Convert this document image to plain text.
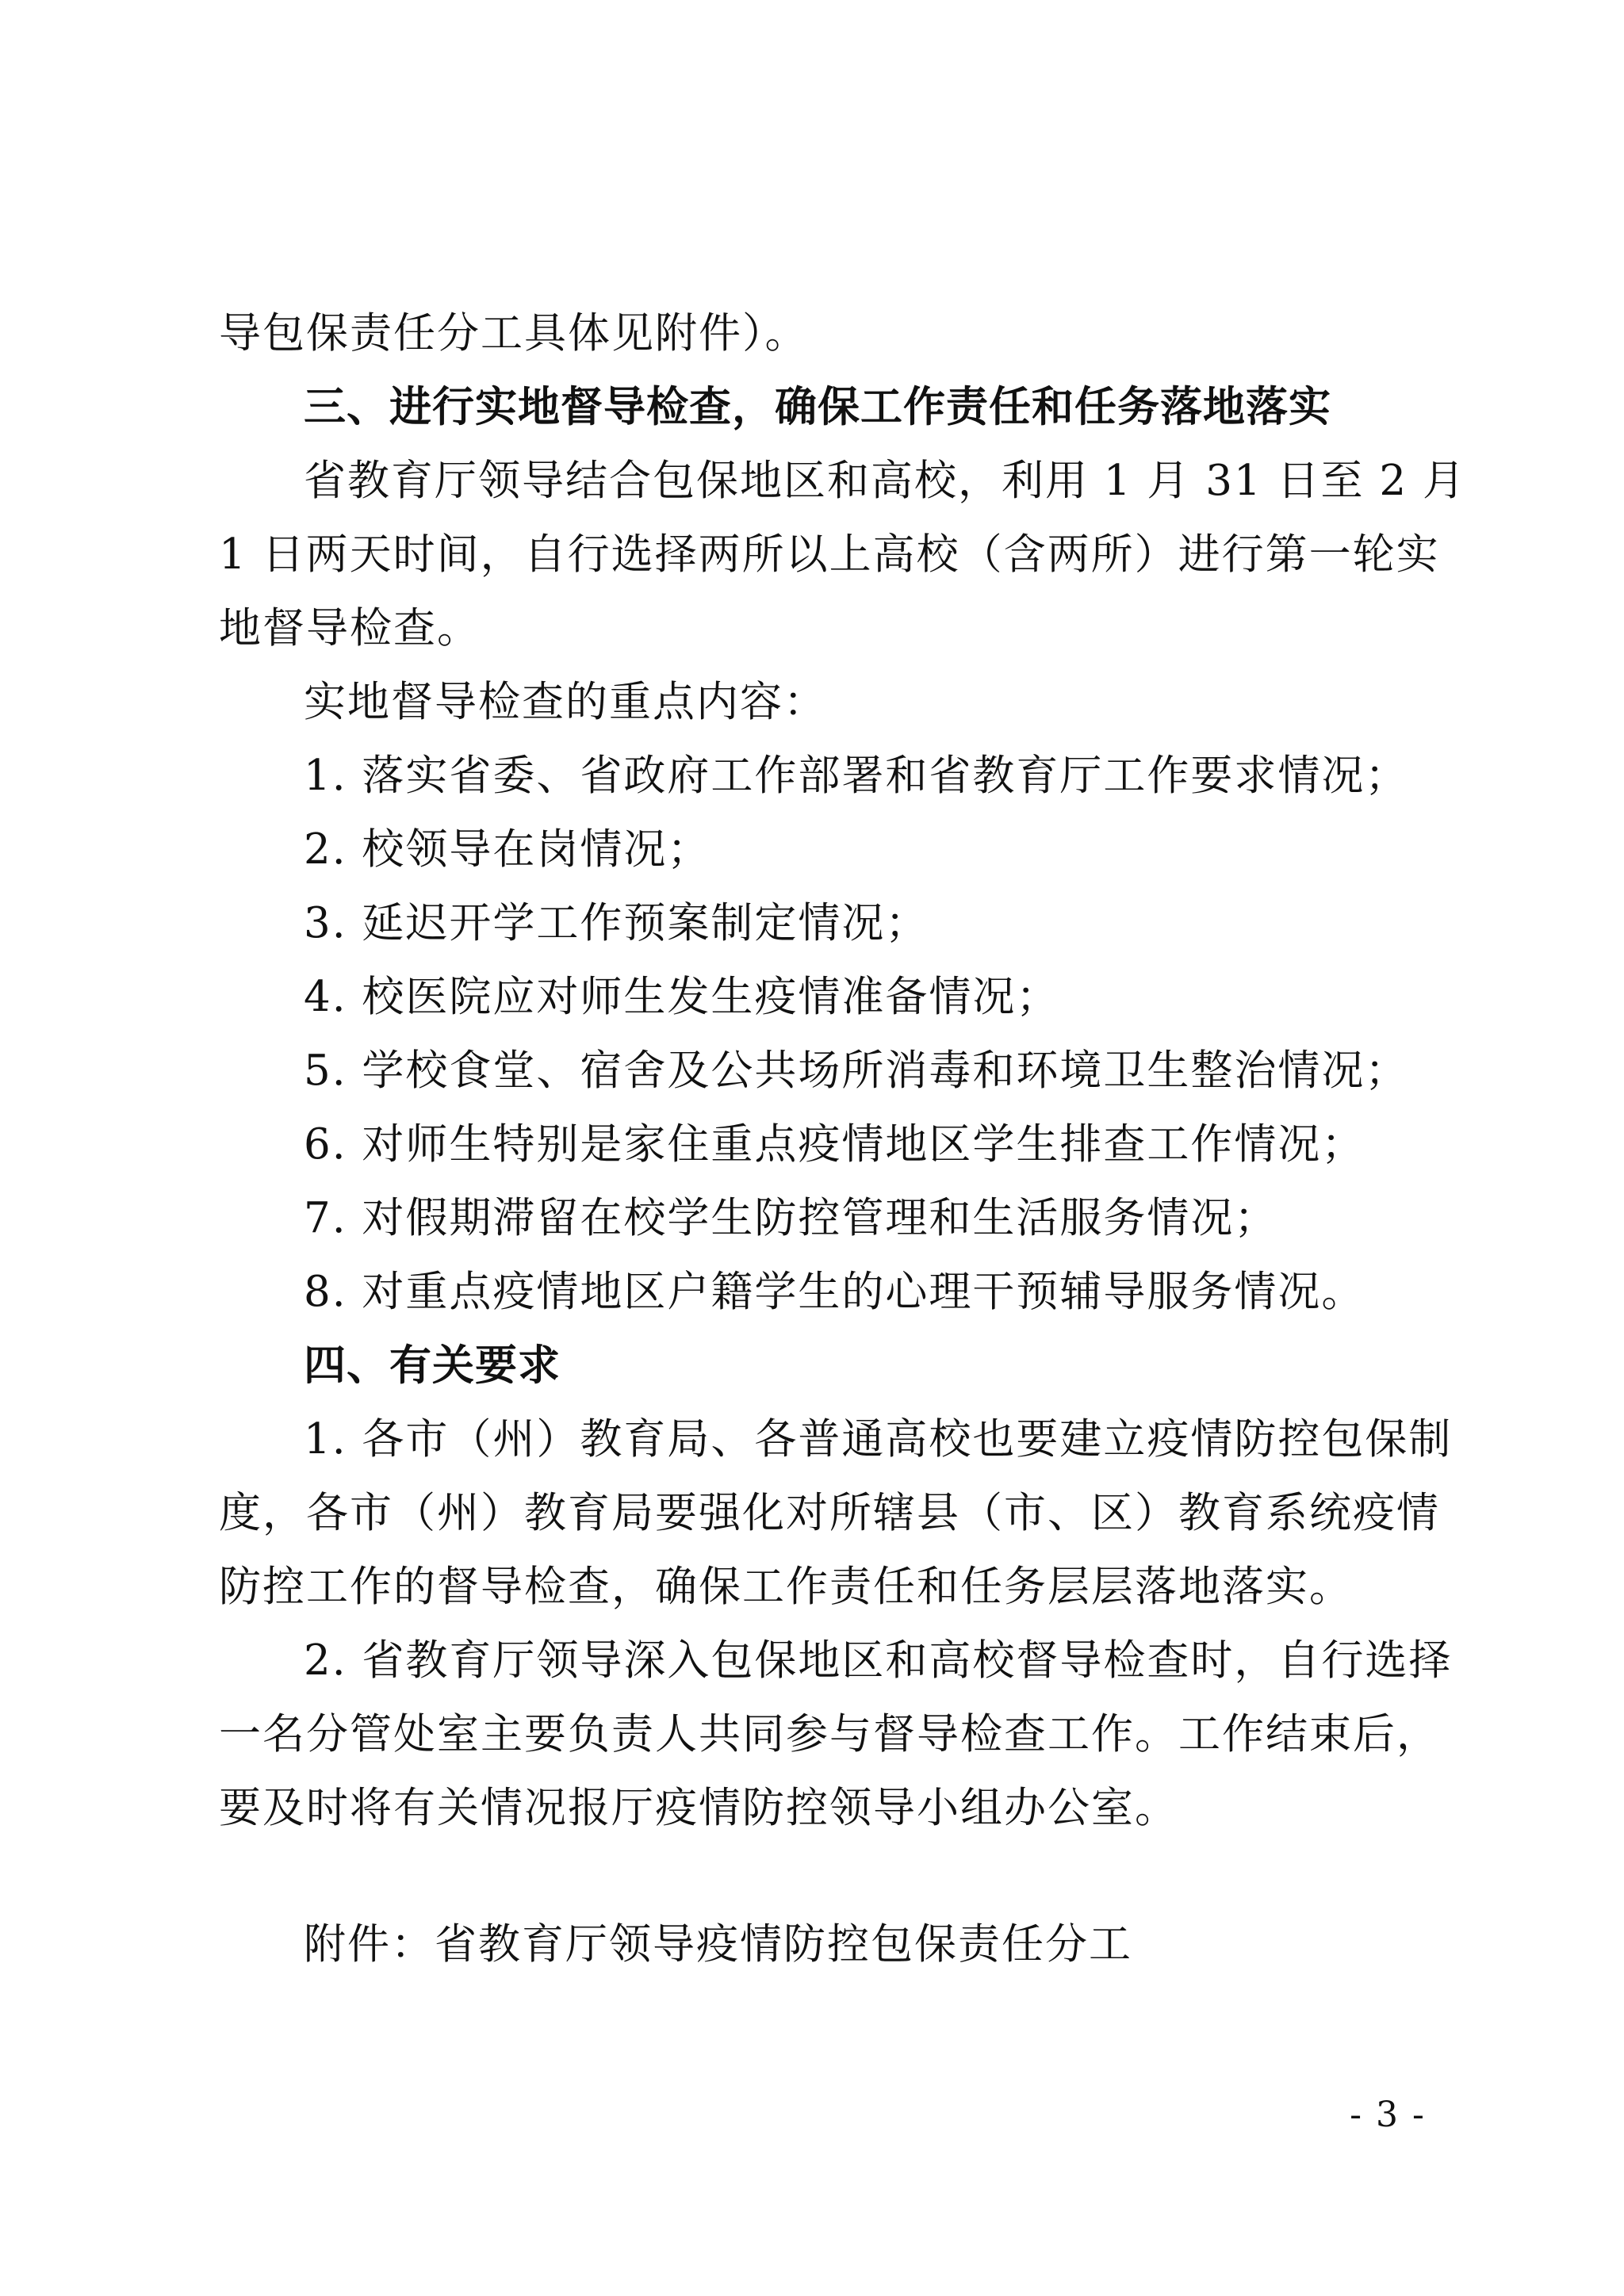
导包保责任分工具体见附件）。
三、进行实地督导检查，确保工作责任和任务落地落实
省教育厅领导结合包保地区和高校，利用 1 月 31 日至 2 月
1 日两天时间，自行选择两所以上高校（含两所）进行第一轮实
地督导检查。
实地督导检查的重点内容：
1. 落实省委、省政府工作部署和省教育厅工作要求情况；
2. 校领导在岗情况；
3. 延迟开学工作预案制定情况；
4. 校医院应对师生发生疫情准备情况；
5. 学校食堂、宿舍及公共场所消毒和环境卫生整治情况；
6. 对师生特别是家住重点疫情地区学生排查工作情况；
7. 对假期滞留在校学生防控管理和生活服务情况；
8. 对重点疫情地区户籍学生的心理干预辅导服务情况。
四、有关要求
1. 各市（州）教育局、各普通高校也要建立疫情防控包保制
度，各市（州）教育局要强化对所辖县（市、区）教育系统疫情
防控工作的督导检查，确保工作责任和任务层层落地落实。
2. 省教育厅领导深入包保地区和高校督导检查时，自行选择
一名分管处室主要负责人共同参与督导检查工作。工作结束后，
要及时将有关情况报厅疫情防控领导小组办公室。
附件：省教育厅领导疫情防控包保责任分工
- 3 -
